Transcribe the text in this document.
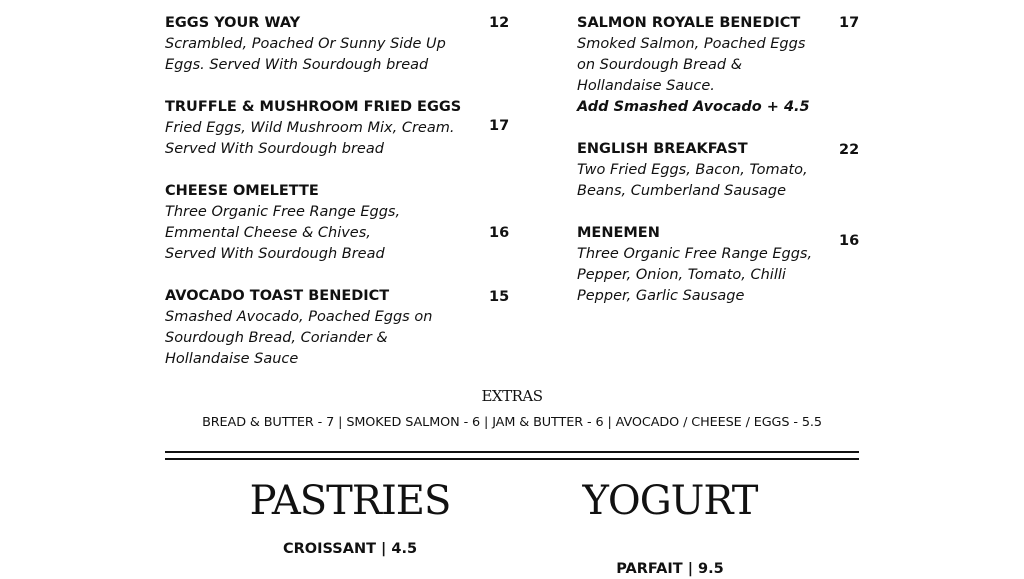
EGGS YOUR WAY
Scrambled, Poached Or Sunny Side Up
Eggs. Served With Sourdough bread
12
TRUFFLE & MUSHROOM FRIED EGGS
Fried Eggs, Wild Mushroom Mix, Cream.
Served With Sourdough bread
17
CHEESE OMELETTE
Three Organic Free Range Eggs,
Emmental Cheese & Chives,
Served With Sourdough Bread
16
AVOCADO TOAST BENEDICT
Smashed Avocado, Poached Eggs on
Sourdough Bread, Coriander &
Hollandaise Sauce
15
SALMON ROYALE BENEDICT
Smoked Salmon, Poached Eggs
on Sourdough Bread &
Hollandaise Sauce.
Add Smashed Avocado + 4.5
17
ENGLISH BREAKFAST
Two Fried Eggs, Bacon, Tomato,
Beans, Cumberland Sausage
22
MENEMEN
Three Organic Free Range Eggs,
Pepper, Onion, Tomato, Chilli
Pepper, Garlic Sausage
16
EXTRAS
BREAD & BUTTER - 7 | SMOKED SALMON - 6 | JAM & BUTTER - 6 | AVOCADO / CHEESE / EGGS - 5.5
PASTRIES
CROISSANT | 4.5
YOGURT
PARFAIT | 9.5
